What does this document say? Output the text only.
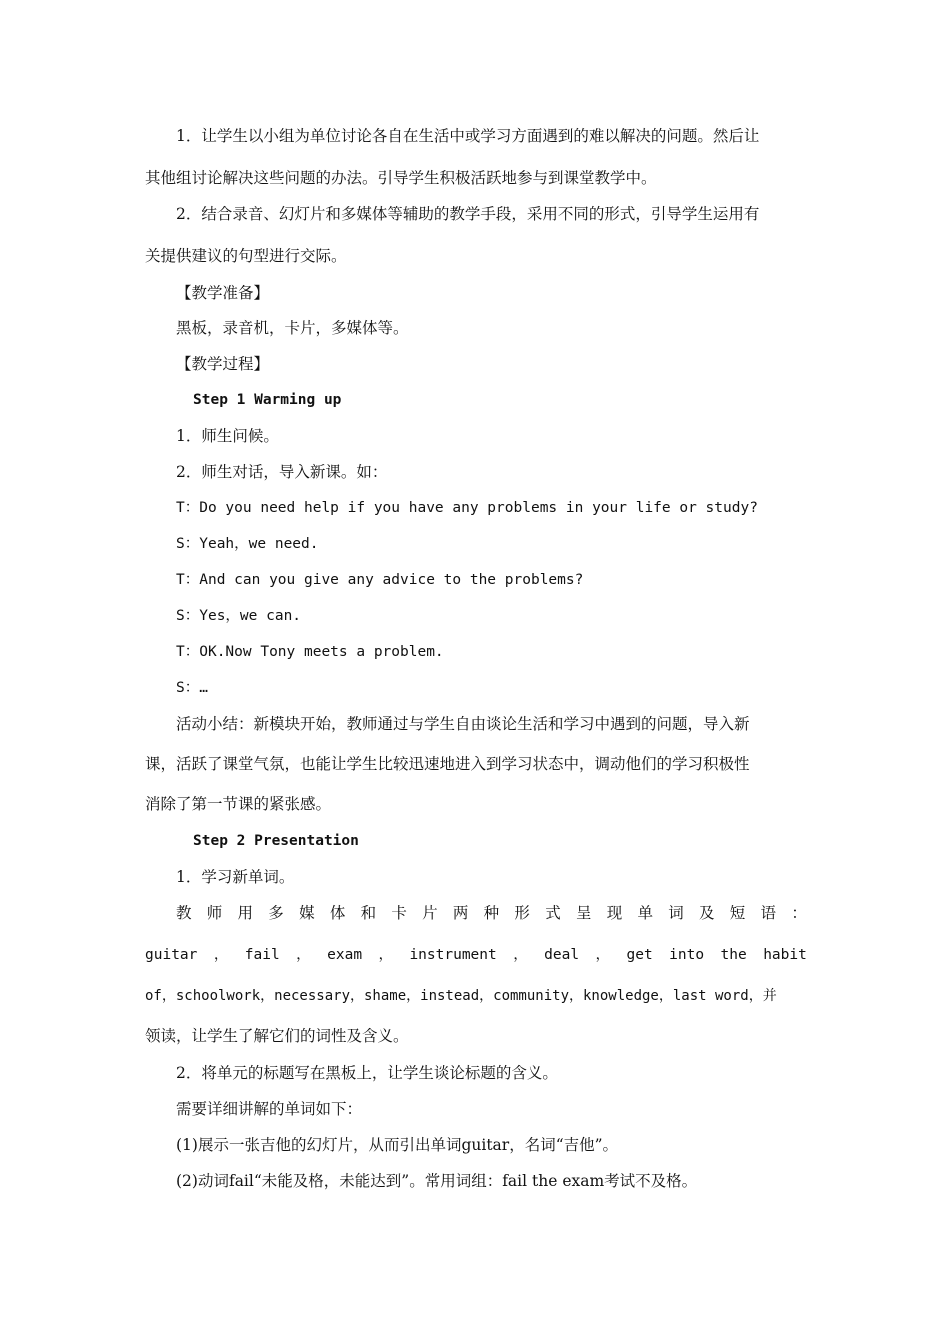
1．让学生以小组为单位讨论各自在生活中或学习方面遇到的难以解决的问题。然后让
其他组讨论解决这些问题的办法。引导学生积极活跃地参与到课堂教学中。
2．结合录音、幻灯片和多媒体等辅助的教学手段，采用不同的形式，引导学生运用有
关提供建议的句型进行交际。
【教学准备】
黑板，录音机，卡片，多媒体等。
【教学过程】
Step 1 Warming up
1．师生问候。
2．师生对话，导入新课。如：
T：Do you need help if you have any problems in your life or study?
S：Yeah，we need.
T：And can you give any advice to the problems?
S：Yes，we can.
T：OK.Now Tony meets a problem.
S：…
活动小结：新模块开始，教师通过与学生自由谈论生活和学习中遇到的问题，导入新
课，活跃了课堂气氛，也能让学生比较迅速地进入到学习状态中，调动他们的学习积极性
消除了第一节课的紧张感。
Step 2 Presentation
1．学习新单词。
教 师 用 多 媒 体 和 卡 片 两 种 形 式 呈 现 单 词 及 短 语 ：
guitar ， fail ， exam ， instrument ， deal ， get into the habit
of，schoolwork，necessary，shame，instead，community，knowledge，last word，并
领读，让学生了解它们的词性及含义。
2．将单元的标题写在黑板上，让学生谈论标题的含义。
需要详细讲解的单词如下：
(1)展示一张吉他的幻灯片，从而引出单词guitar，名词“吉他”。
(2)动词fail“未能及格，未能达到”。常用词组：fail the exam考试不及格。
